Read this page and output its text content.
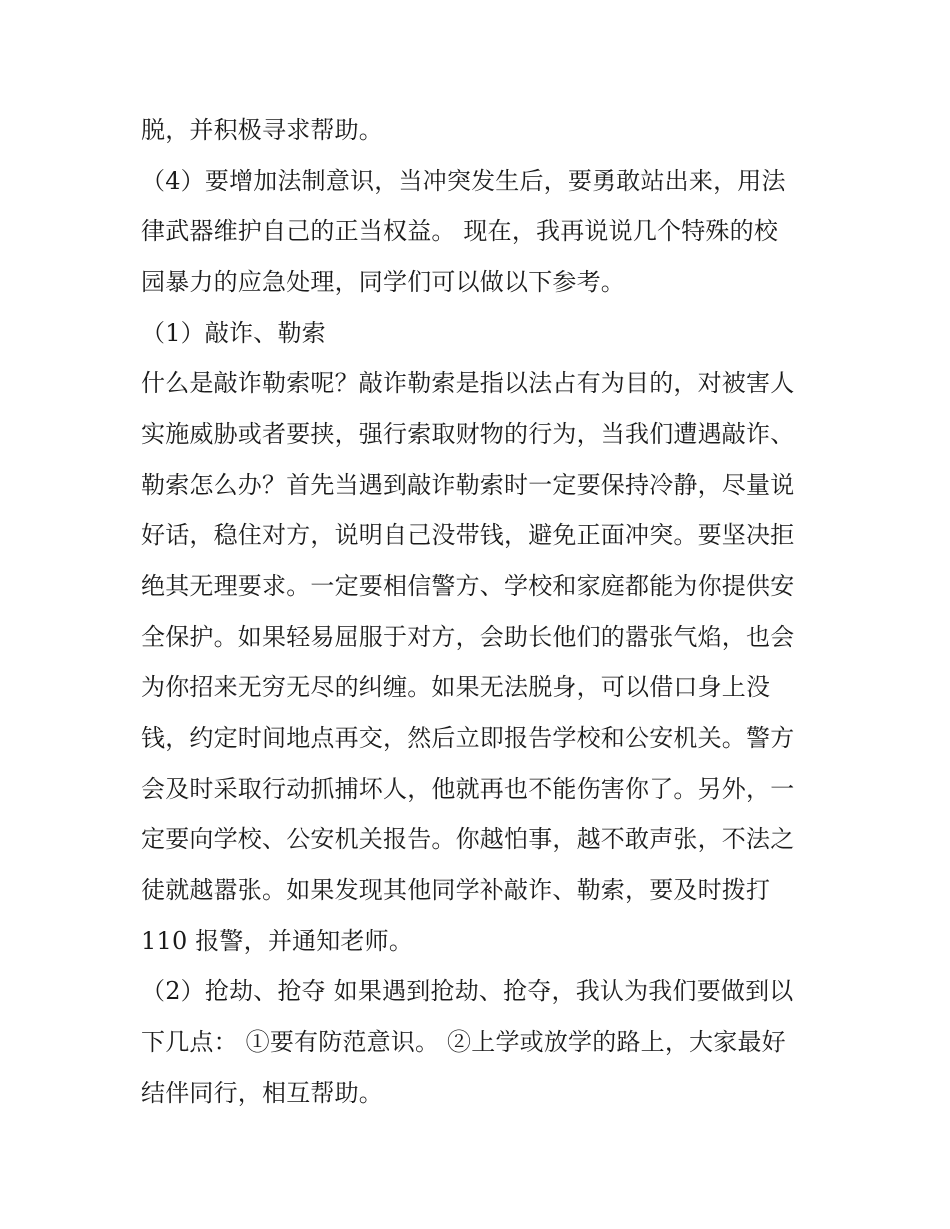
脱，并积极寻求帮助。
（4）要增加法制意识，当冲突发生后，要勇敢站出来，用法
律武器维护自己的正当权益。 现在，我再说说几个特殊的校
园暴力的应急处理，同学们可以做以下参考。
（1）敲诈、勒索
什么是敲诈勒索呢？敲诈勒索是指以法占有为目的，对被害人
实施威胁或者要挟，强行索取财物的行为，当我们遭遇敲诈、
勒索怎么办？首先当遇到敲诈勒索时一定要保持冷静，尽量说
好话，稳住对方，说明自己没带钱，避免正面冲突。要坚决拒
绝其无理要求。一定要相信警方、学校和家庭都能为你提供安
全保护。如果轻易屈服于对方，会助长他们的嚣张气焰，也会
为你招来无穷无尽的纠缠。如果无法脱身，可以借口身上没
钱，约定时间地点再交，然后立即报告学校和公安机关。警方
会及时采取行动抓捕坏人，他就再也不能伤害你了。另外，一
定要向学校、公安机关报告。你越怕事，越不敢声张，不法之
徒就越嚣张。如果发现其他同学补敲诈、勒索，要及时拨打
110 报警，并通知老师。
（2）抢劫、抢夺 如果遇到抢劫、抢夺，我认为我们要做到以
下几点： ①要有防范意识。 ②上学或放学的路上，大家最好
结伴同行，相互帮助。
